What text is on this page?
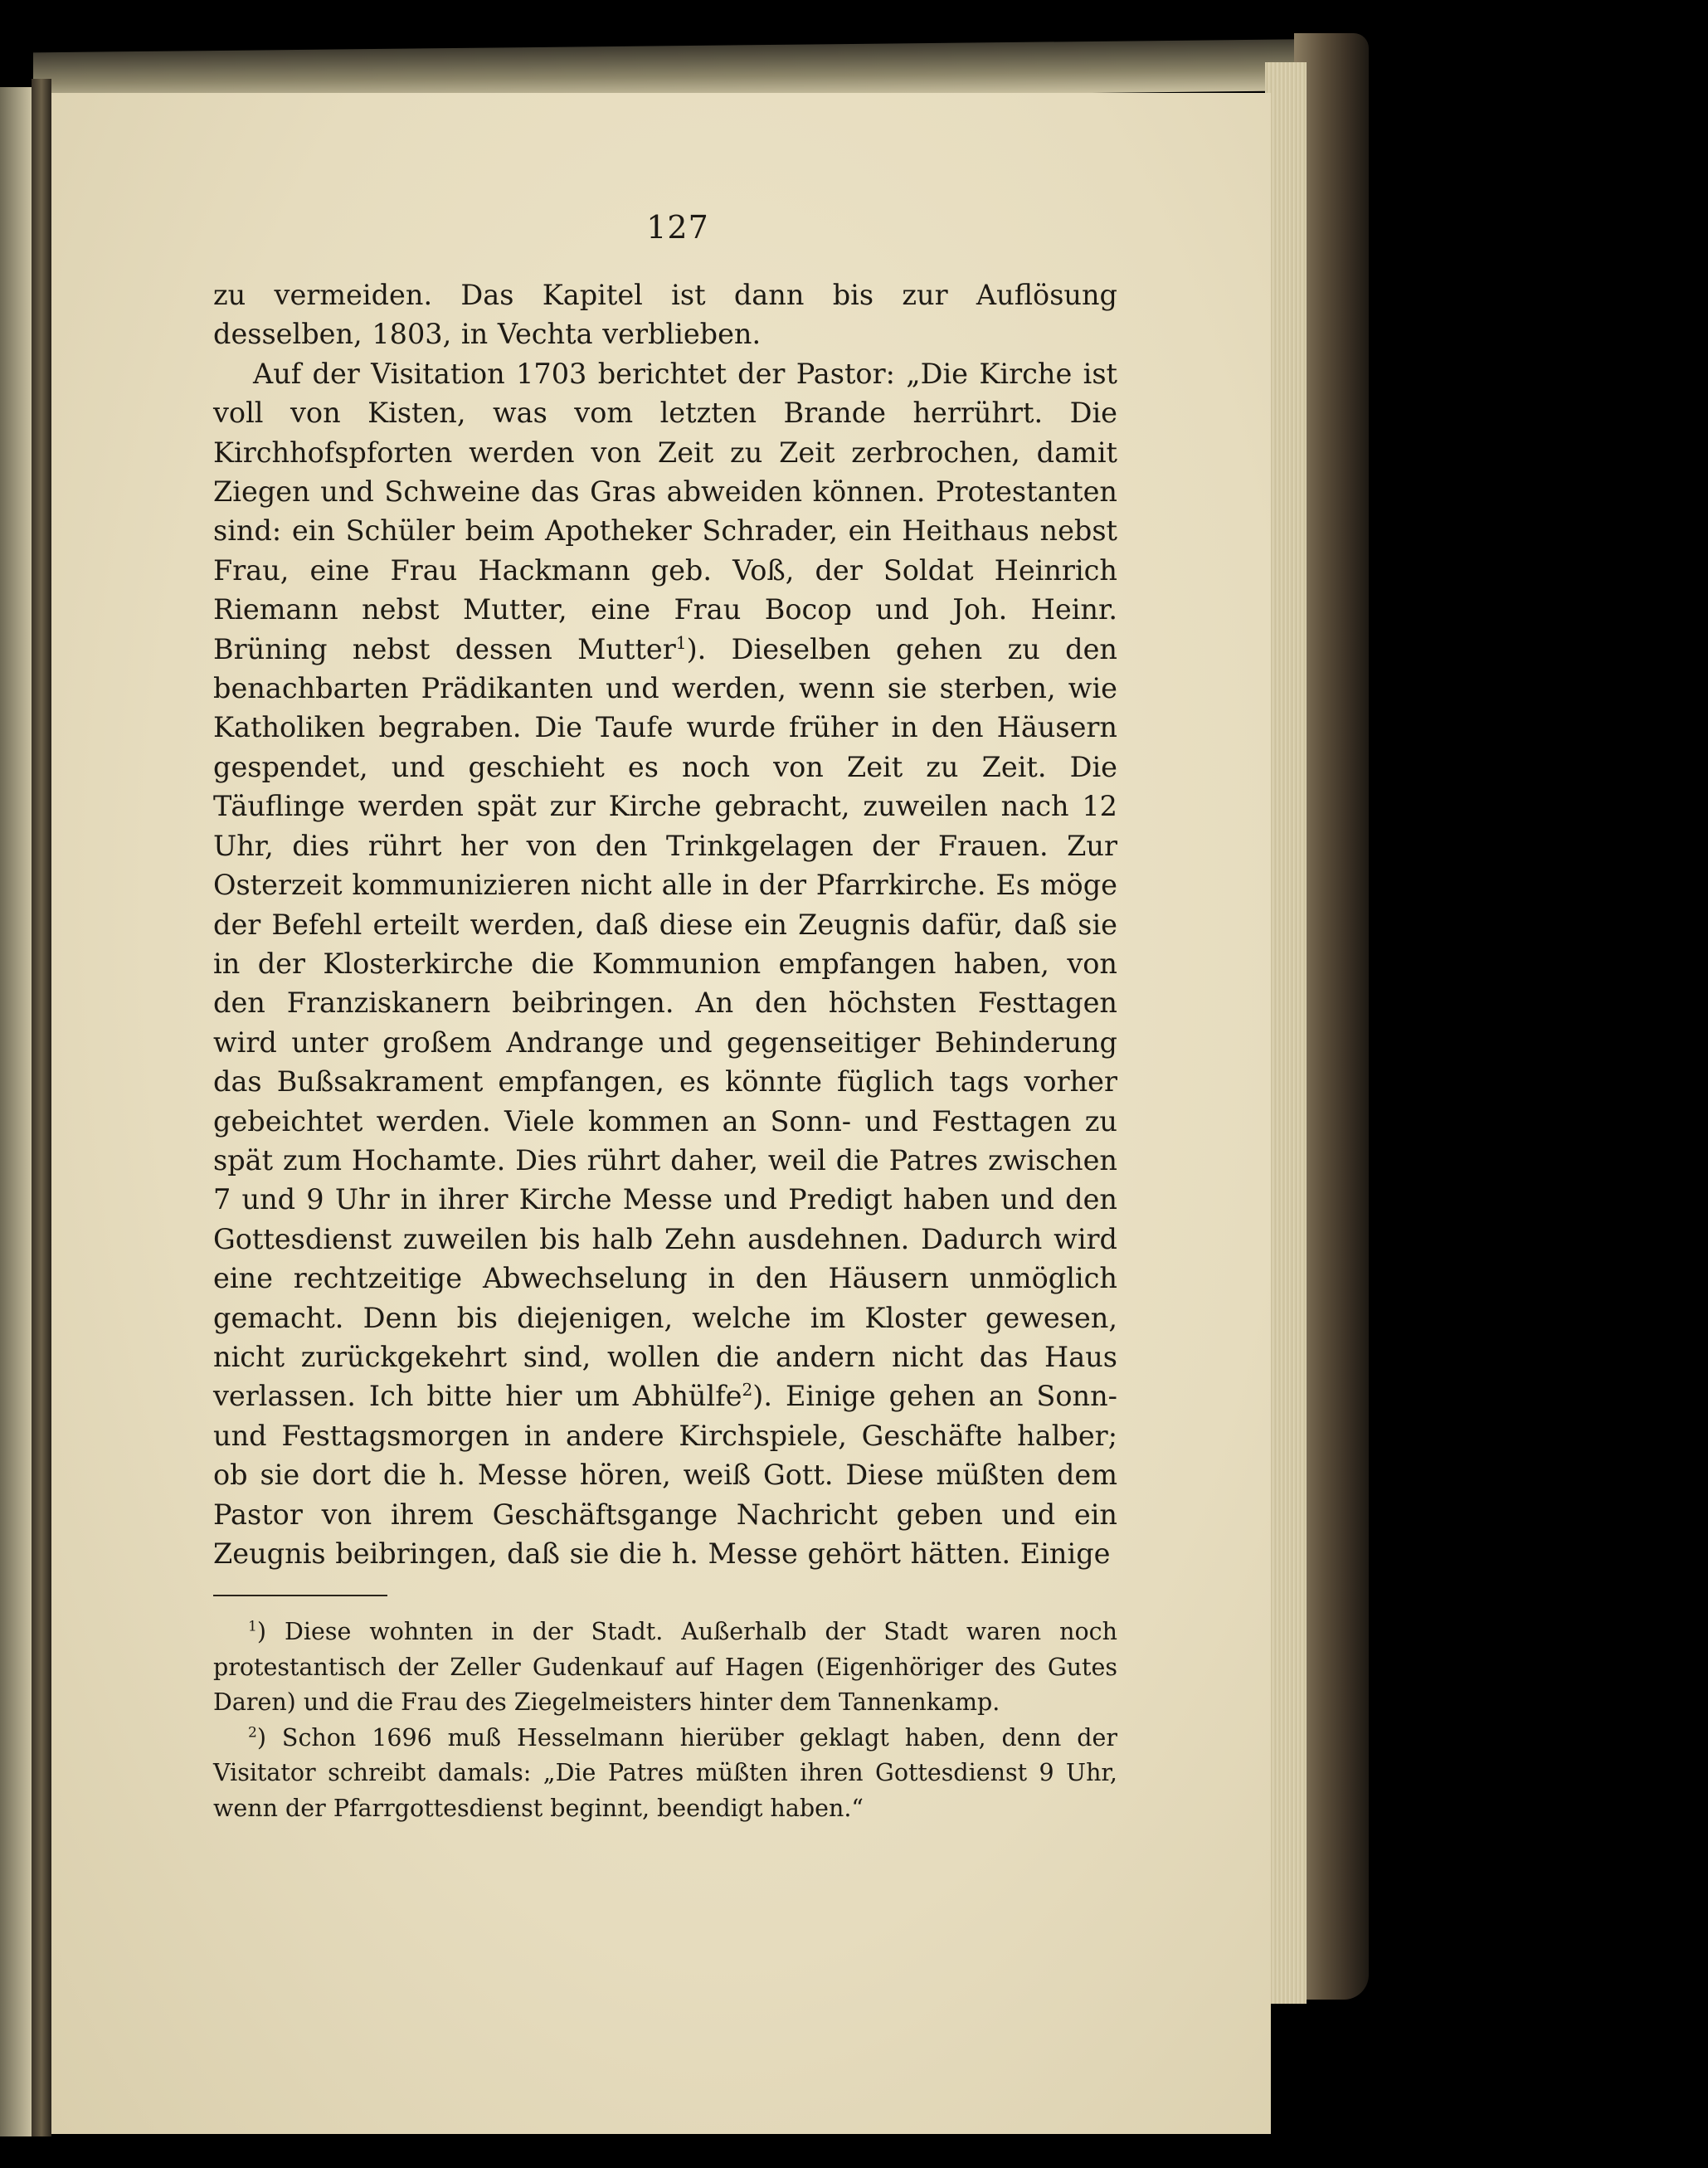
127

zu vermeiden. Das Kapitel ist dann bis zur Auflösung desselben, 1803, in Vechta verblieben.

Auf der Visitation 1703 berichtet der Pastor: „Die Kirche ist voll von Kisten, was vom letzten Brande herrührt. Die Kirchhofspforten werden von Zeit zu Zeit zerbrochen, damit Ziegen und Schweine das Gras abweiden können. Protestanten sind: ein Schüler beim Apotheker Schrader, ein Heithaus nebst Frau, eine Frau Hackmann geb. Voß, der Soldat Heinrich Riemann nebst Mutter, eine Frau Bocop und Joh. Heinr. Brüning nebst dessen Mutter$^1$). Dieselben gehen zu den benachbarten Prädikanten und werden, wenn sie sterben, wie Katholiken begraben. Die Taufe wurde früher in den Häusern gespendet, und geschieht es noch von Zeit zu Zeit. Die Täuflinge werden spät zur Kirche gebracht, zuweilen nach 12 Uhr, dies rührt her von den Trinkgelagen der Frauen. Zur Osterzeit kommunizieren nicht alle in der Pfarrkirche. Es möge der Befehl erteilt werden, daß diese ein Zeugnis dafür, daß sie in der Klosterkirche die Kommunion empfangen haben, von den Franziskanern beibringen. An den höchsten Festtagen wird unter großem Andrange und gegenseitiger Behinderung das Bußsakrament empfangen, es könnte füglich tags vorher gebeichtet werden. Viele kommen an Sonn- und Festtagen zu spät zum Hochamte. Dies rührt daher, weil die Patres zwischen 7 und 9 Uhr in ihrer Kirche Messe und Predigt haben und den Gottesdienst zuweilen bis halb Zehn ausdehnen. Dadurch wird eine rechtzeitige Abwechselung in den Häusern unmöglich gemacht. Denn bis diejenigen, welche im Kloster gewesen, nicht zurückgekehrt sind, wollen die andern nicht das Haus verlassen. Ich bitte hier um Abhülfe$^2$). Einige gehen an Sonn- und Festtagsmorgen in andere Kirchspiele, Geschäfte halber; ob sie dort die h. Messe hören, weiß Gott. Diese müßten dem Pastor von ihrem Geschäftsgange Nachricht geben und ein Zeugnis beibringen, daß sie die h. Messe gehört hätten. Einige

$^1$) Diese wohnten in der Stadt. Außerhalb der Stadt waren noch protestantisch der Zeller Gudenkauf auf Hagen (Eigenhöriger des Gutes Daren) und die Frau des Ziegelmeisters hinter dem Tannenkamp.

$^2$) Schon 1696 muß Hesselmann hierüber geklagt haben, denn der Visitator schreibt damals: „Die Patres müßten ihren Gottesdienst 9 Uhr, wenn der Pfarrgottesdienst beginnt, beendigt haben.“
